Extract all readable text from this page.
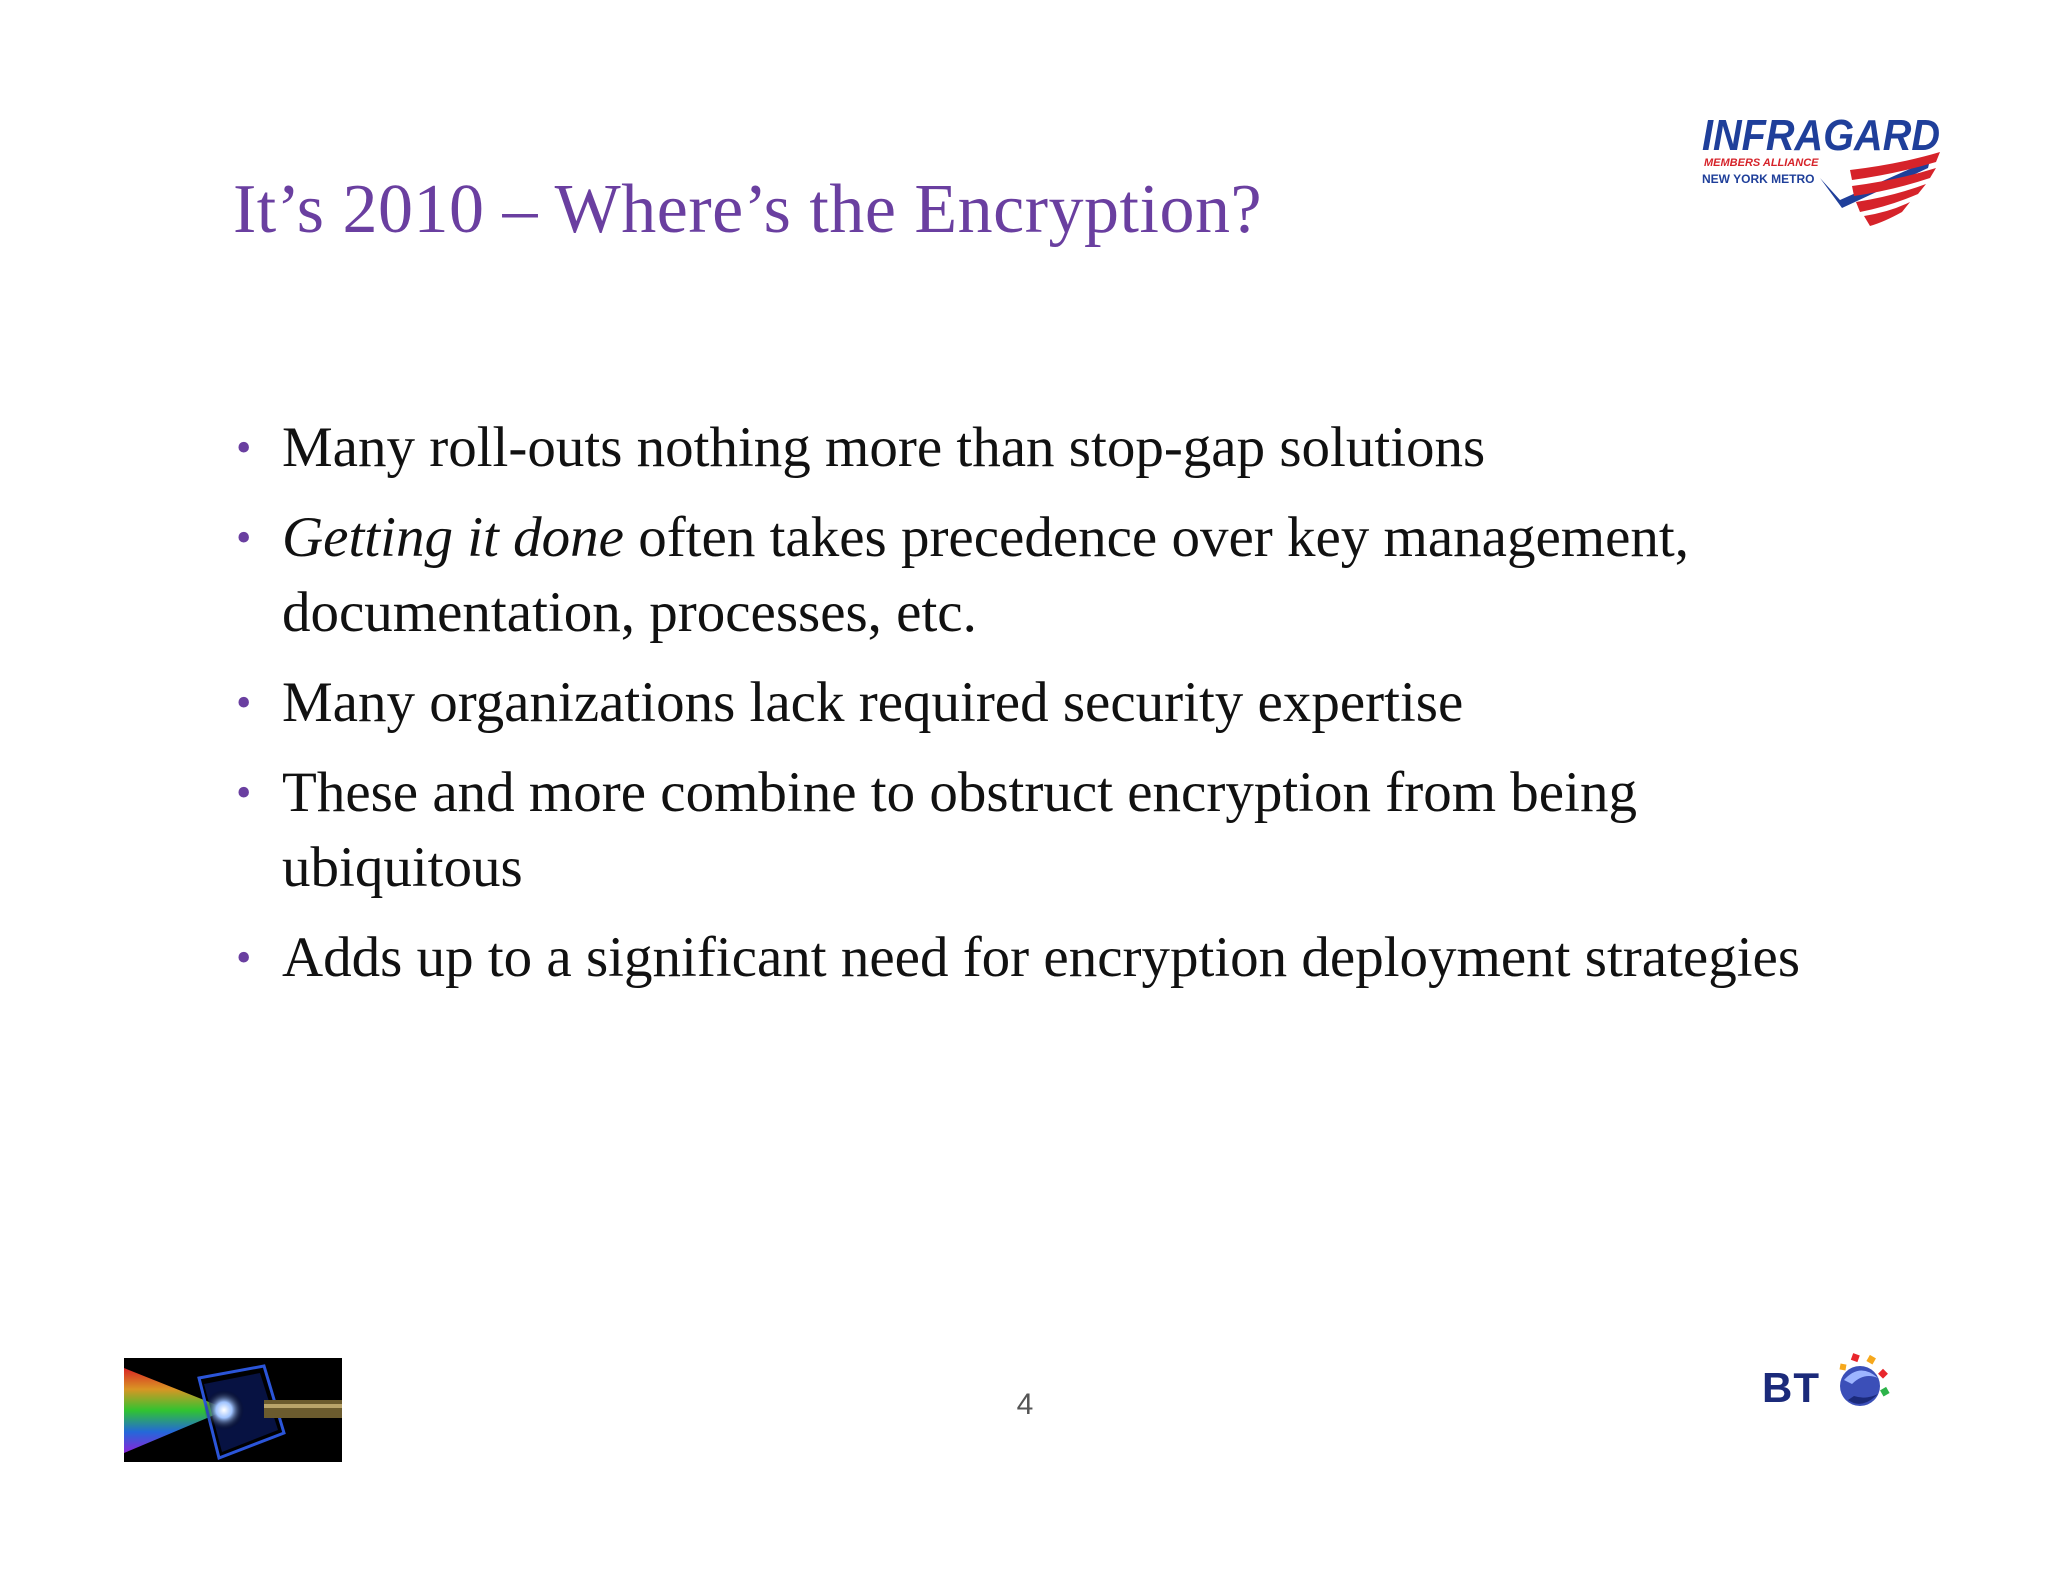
It’s 2010 – Where’s the Encryption?
INFRAGARD
MEMBERS ALLIANCE
NEW YORK METRO
• Many roll-outs nothing more than stop-gap solutions
• Getting it done often takes precedence over key management, documentation, processes, etc.
• Many organizations lack required security expertise
• These and more combine to obstruct encryption from being ubiquitous
• Adds up to a significant need for encryption deployment strategies
4	BT
